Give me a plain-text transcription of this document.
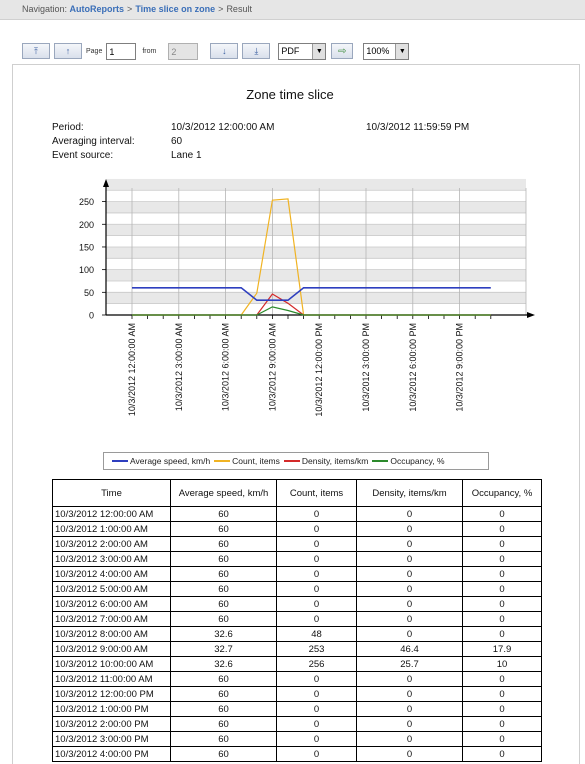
Navigation: AutoReports > Time slice on zone > Result
⤒	↑ Page
1	from
2	↓	⤓	PDF	▼ ⇨ 100%	▼
Zone time slice
Period:	10/3/2012 12:00:00 AM	10/3/2012 11:59:59 PM
Averaging interval:	60
Event source:	Lane 1
0
50
100
150
200
250
10/3/2012 12:00:00 AM	10/3/2012 3:00:00 AM	10/3/2012 6:00:00 AM	10/3/2012 9:00:00 AM	10/3/2012 12:00:00 PM	10/3/2012 3:00:00 PM	10/3/2012 6:00:00 PM	10/3/2012 9:00:00 PM
Average speed, km/h	Count, items	Density, items/km	Occupancy, %
Time	Average speed, km/h	Count, items	Density, items/km	Occupancy, %
10/3/2012 12:00:00 AM	60	0	0	0
10/3/2012 1:00:00 AM	60	0	0	0
10/3/2012 2:00:00 AM	60	0	0	0
10/3/2012 3:00:00 AM	60	0	0	0
10/3/2012 4:00:00 AM	60	0	0	0
10/3/2012 5:00:00 AM	60	0	0	0
10/3/2012 6:00:00 AM	60	0	0	0
10/3/2012 7:00:00 AM	60	0	0	0
10/3/2012 8:00:00 AM	32.6	48	0	0
10/3/2012 9:00:00 AM	32.7	253	46.4	17.9
10/3/2012 10:00:00 AM	32.6	256	25.7	10
10/3/2012 11:00:00 AM	60	0	0	0
10/3/2012 12:00:00 PM	60	0	0	0
10/3/2012 1:00:00 PM	60	0	0	0
10/3/2012 2:00:00 PM	60	0	0	0
10/3/2012 3:00:00 PM	60	0	0	0
10/3/2012 4:00:00 PM	60	0	0	0
